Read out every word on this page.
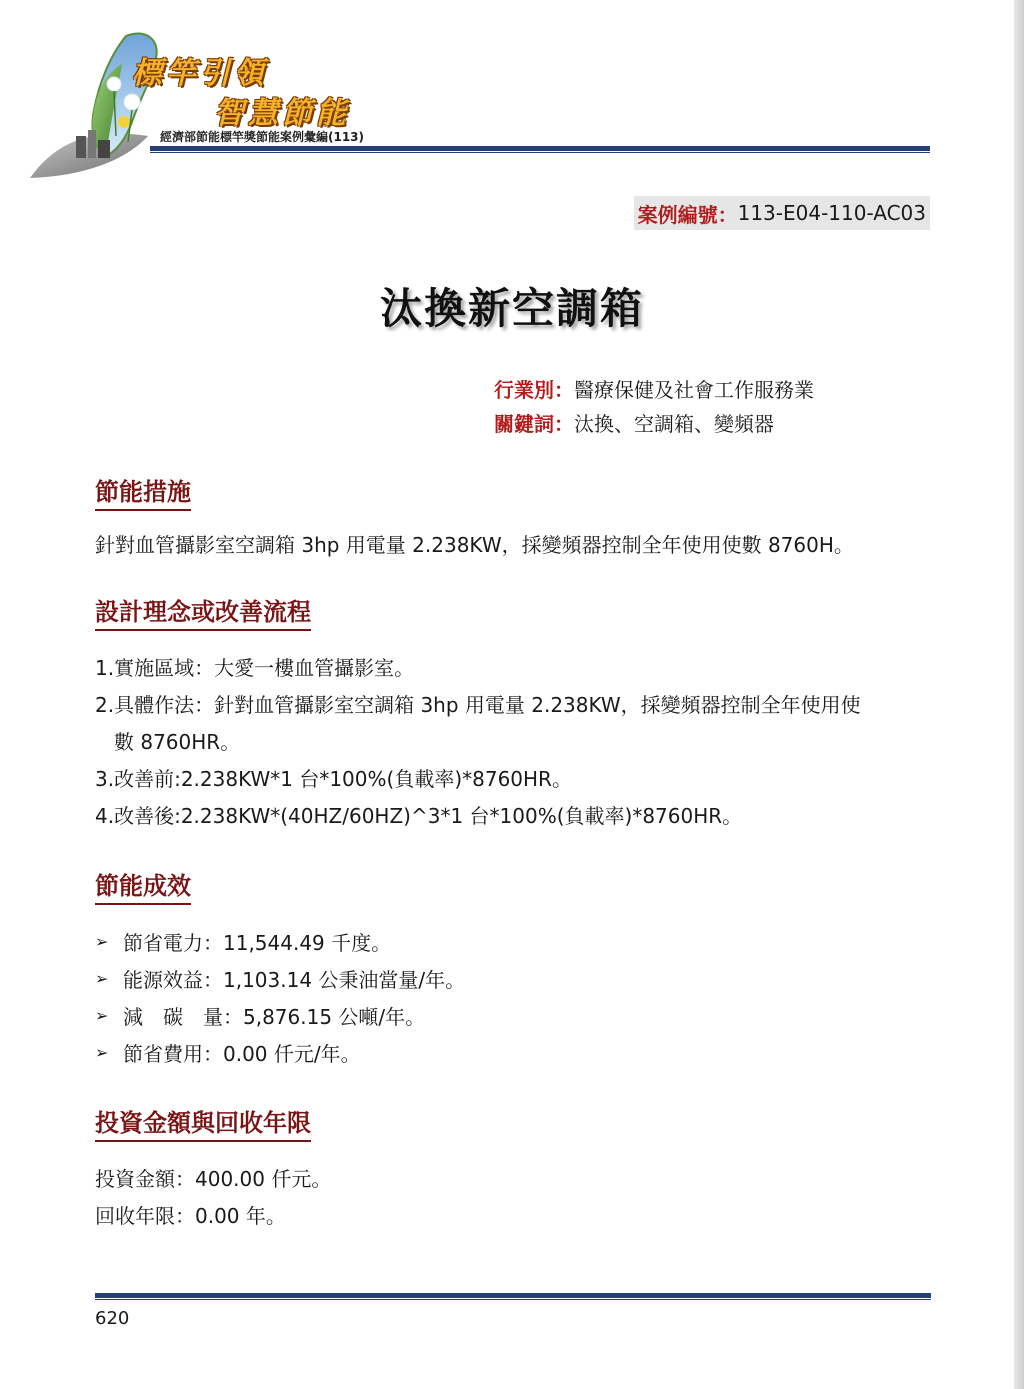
標竿引領
智慧節能
經濟部節能標竿獎節能案例彙編(113)
案例編號： 113-E04-110-AC03
汰換新空調箱
行業別：醫療保健及社會工作服務業
關鍵詞：汰換、空調箱、變頻器
節能措施
針對血管攝影室空調箱 3hp 用電量 2.238KW，採變頻器控制全年使用使數 8760H。
設計理念或改善流程
1.實施區域：大愛一樓血管攝影室。
2.具體作法：針對血管攝影室空調箱 3hp 用電量 2.238KW，採變頻器控制全年使用使
數 8760HR。
3.改善前:2.238KW*1 台*100%(負載率)*8760HR。
4.改善後:2.238KW*(40HZ/60HZ)^3*1 台*100%(負載率)*8760HR。
節能成效
➢ 節省電力：11,544.49 千度。
➢ 能源效益：1,103.14 公秉油當量/年。
➢ 減　碳　量：5,876.15 公噸/年。
➢ 節省費用：0.00 仟元/年。
投資金額與回收年限
投資金額：400.00 仟元。
回收年限：0.00 年。
620
